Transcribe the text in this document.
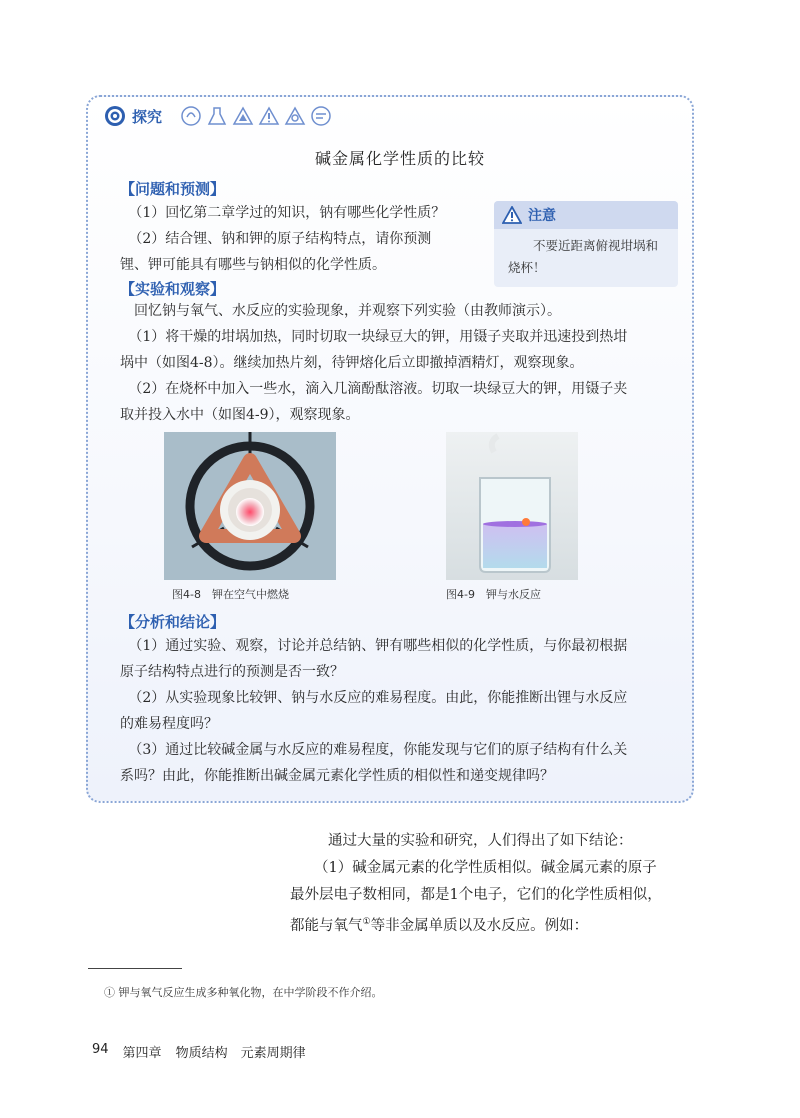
探究
碱金属化学性质的比较
【问题和预测】

（1）回忆第二章学过的知识，钠有哪些化学性质？

（2）结合锂、钠和钾的原子结构特点，请你预测

锂、钾可能具有哪些与钠相似的化学性质。

注意
不要近距离俯视坩埚和烧杯！
【实验和观察】

回忆钠与氧气、水反应的实验现象，并观察下列实验（由教师演示）。

（1）将干燥的坩埚加热，同时切取一块绿豆大的钾，用镊子夹取并迅速投到热坩

埚中（如图4-8）。继续加热片刻，待钾熔化后立即撤掉酒精灯，观察现象。

（2）在烧杯中加入一些水，滴入几滴酚酞溶液。切取一块绿豆大的钾，用镊子夹

取并投入水中（如图4-9），观察现象。

图4-8　钾在空气中燃烧	图4-9　钾与水反应
【分析和结论】

（1）通过实验、观察，讨论并总结钠、钾有哪些相似的化学性质，与你最初根据

原子结构特点进行的预测是否一致？

（2）从实验现象比较钾、钠与水反应的难易程度。由此，你能推断出锂与水反应

的难易程度吗？

（3）通过比较碱金属与水反应的难易程度，你能发现与它们的原子结构有什么关

系吗？由此，你能推断出碱金属元素化学性质的相似性和递变规律吗？

通过大量的实验和研究，人们得出了如下结论：

（1）碱金属元素的化学性质相似。碱金属元素的原子

最外层电子数相同，都是1个电子，它们的化学性质相似，

都能与氧气①等非金属单质以及水反应。例如：

① 钾与氧气反应生成多种氧化物，在中学阶段不作介绍。
94 第四章 物质结构　元素周期律
